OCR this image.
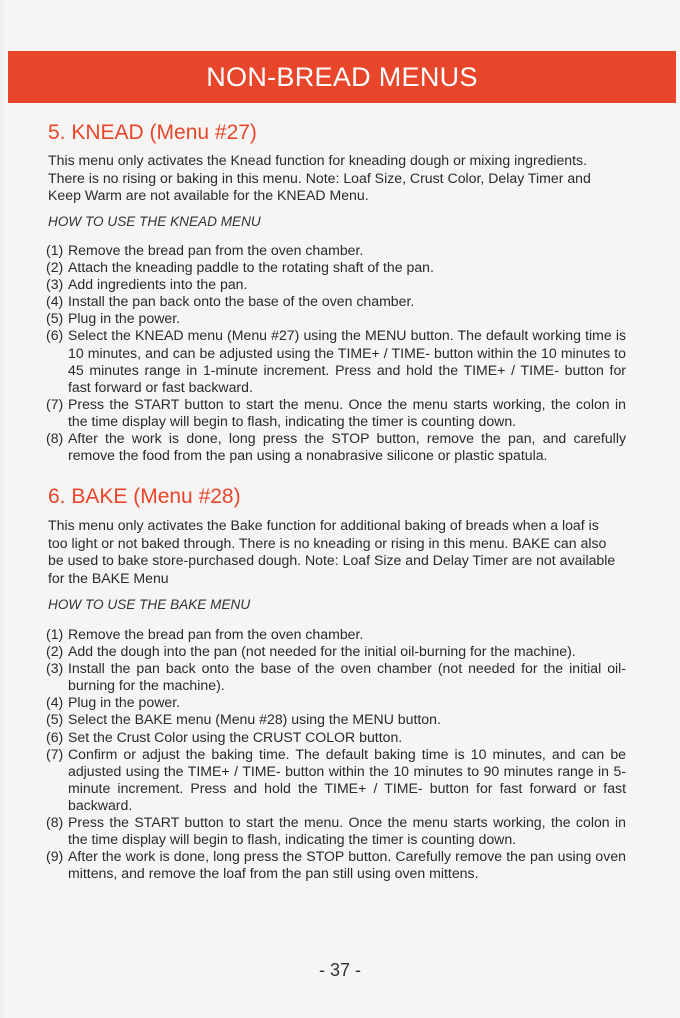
NON-BREAD MENUS
5. KNEAD (Menu #27)
This menu only activates the Knead function for kneading dough or mixing ingredients. There is no rising or baking in this menu. Note: Loaf Size, Crust Color, Delay Timer and Keep Warm are not available for the KNEAD Menu.
HOW TO USE THE KNEAD MENU
(1) Remove the bread pan from the oven chamber.
(2) Attach the kneading paddle to the rotating shaft of the pan.
(3) Add ingredients into the pan.
(4) Install the pan back onto the base of the oven chamber.
(5) Plug in the power.
(6) Select the KNEAD menu (Menu #27) using the MENU button. The default working time is 10 minutes, and can be adjusted using the TIME+ / TIME- button within the 10 minutes to 45 minutes range in 1-minute increment. Press and hold the TIME+ / TIME- button for fast forward or fast backward.
(7) Press the START button to start the menu. Once the menu starts working, the colon in the time display will begin to flash, indicating the timer is counting down.
(8) After the work is done, long press the STOP button, remove the pan, and carefully remove the food from the pan using a nonabrasive silicone or plastic spatula.
6. BAKE (Menu #28)
This menu only activates the Bake function for additional baking of breads when a loaf is too light or not baked through. There is no kneading or rising in this menu. BAKE can also be used to bake store-purchased dough. Note: Loaf Size and Delay Timer are not available for the BAKE Menu
HOW TO USE THE BAKE MENU
(1) Remove the bread pan from the oven chamber.
(2) Add the dough into the pan (not needed for the initial oil-burning for the machine).
(3) Install the pan back onto the base of the oven chamber (not needed for the initial oil-burning for the machine).
(4) Plug in the power.
(5) Select the BAKE menu (Menu #28) using the MENU button.
(6) Set the Crust Color using the CRUST COLOR button.
(7) Confirm or adjust the baking time. The default baking time is 10 minutes, and can be adjusted using the TIME+ / TIME- button within the 10 minutes to 90 minutes range in 5-minute increment. Press and hold the TIME+ / TIME- button for fast forward or fast backward.
(8) Press the START button to start the menu. Once the menu starts working, the colon in the time display will begin to flash, indicating the timer is counting down.
(9) After the work is done, long press the STOP button. Carefully remove the pan using oven mittens, and remove the loaf from the pan still using oven mittens.
- 37 -
